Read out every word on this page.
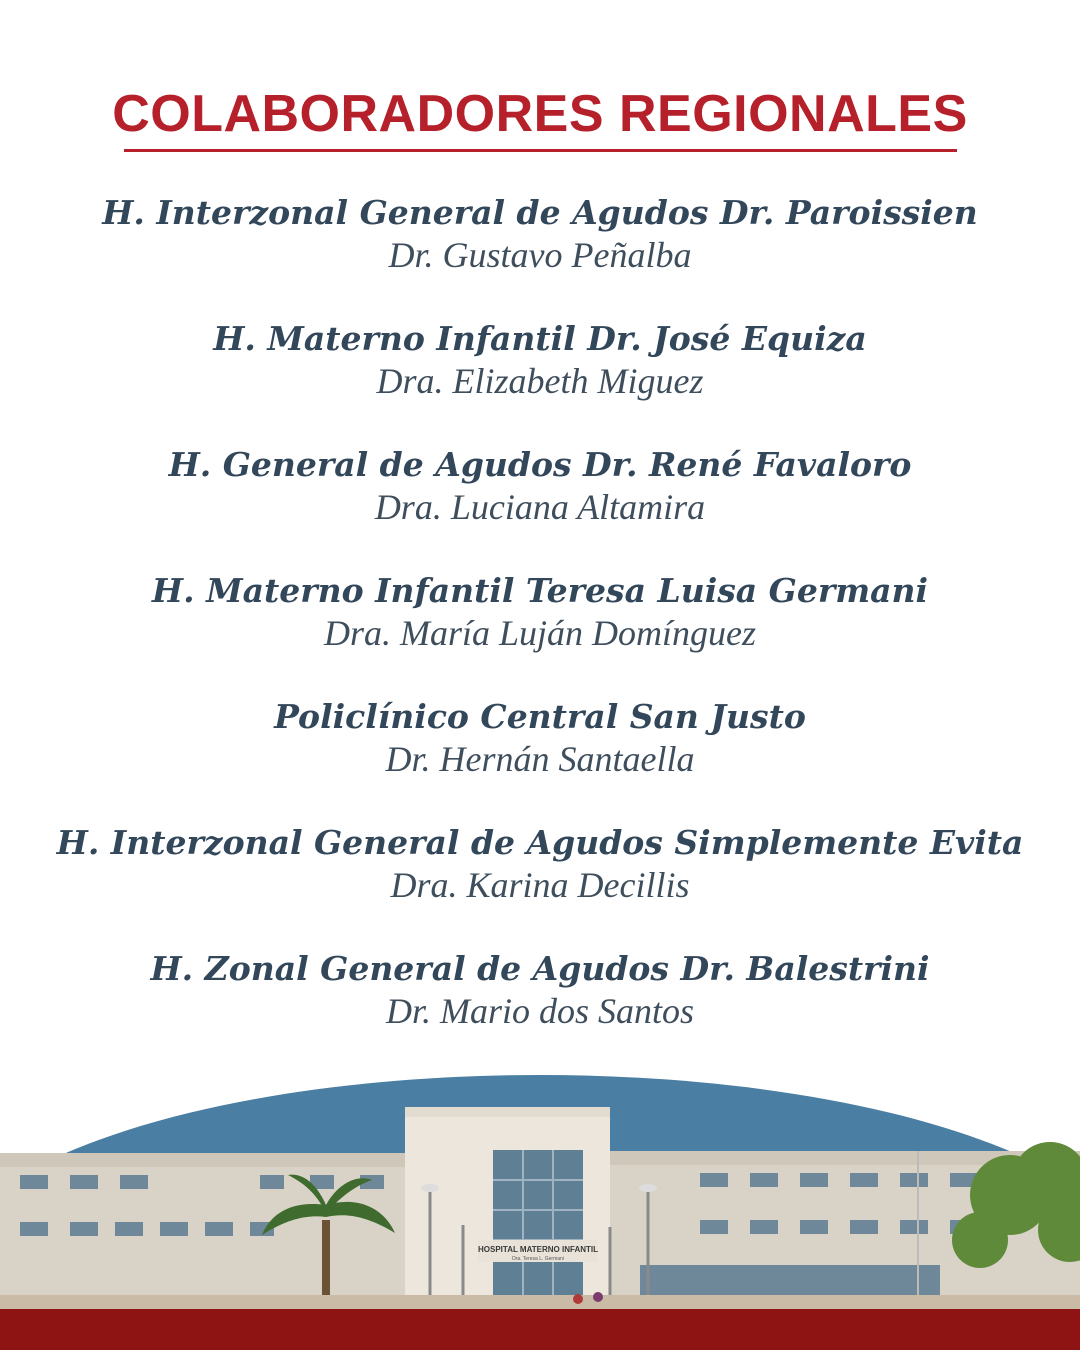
COLABORADORES REGIONALES
H. Interzonal General de Agudos Dr. Paroissien
Dr. Gustavo Peñalba
H. Materno Infantil Dr. José Equiza
Dra. Elizabeth Miguez
H. General de Agudos Dr. René Favaloro
Dra. Luciana Altamira
H. Materno Infantil Teresa Luisa Germani
Dra. María Luján Domínguez
Policlínico Central San Justo
Dr. Hernán Santaella
H. Interzonal General de Agudos Simplemente Evita
Dra. Karina Decillis
H. Zonal General de Agudos Dr. Balestrini
Dr. Mario dos Santos
HOSPITAL MATERNO INFANTIL
Dra. Teresa L. Germani
